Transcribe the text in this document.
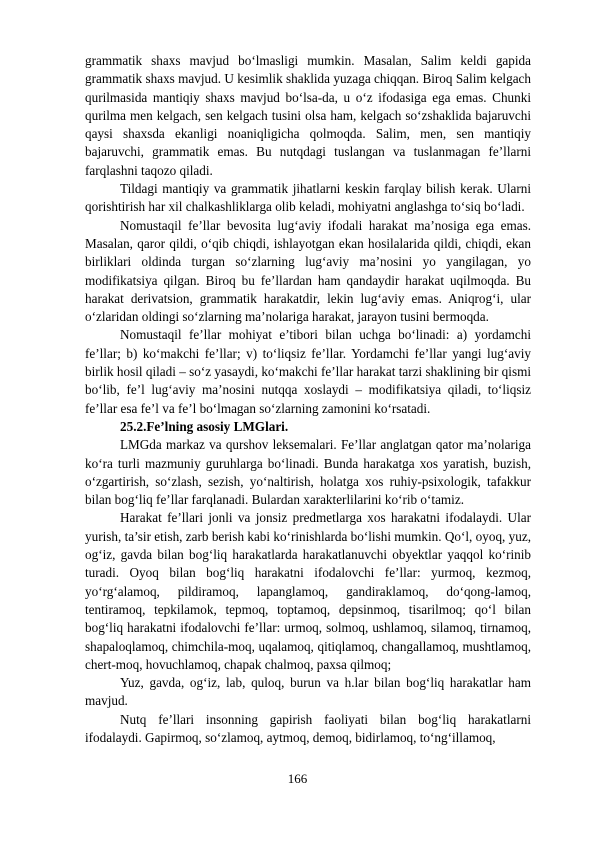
grammatik shaxs mavjud bo‘lmasligi mumkin. Masalan, Salim keldi gapida grammatik shaxs mavjud. U kesimlik shaklida yuzaga chiqqan. Biroq Salim kelgach qurilmasida mantiqiy shaxs mavjud bo‘lsa-da, u o‘z ifodasiga ega emas. Chunki qurilma men kelgach, sen kelgach tusini olsa ham, kelgach so‘zshaklida bajaruvchi qaysi shaxsda ekanligi noaniqligicha qolmoqda. Salim, men, sen mantiqiy bajaruvchi, grammatik emas. Bu nutqdagi tuslangan va tuslanmagan fe’llarni farqlashni taqozo qiladi.

Tildagi mantiqiy va grammatik jihatlarni keskin farqlay bilish kerak. Ularni qorishtirish har xil chalkashliklarga olib keladi, mohiyatni anglashga to‘siq bo‘ladi.

Nomustaqil fe’llar bevosita lug‘aviy ifodali harakat ma’nosiga ega emas. Masalan, qaror qildi, o‘qib chiqdi, ishlayotgan ekan hosilalarida qildi, chiqdi, ekan birliklari oldinda turgan so‘zlarning lug‘aviy ma’nosini yo yangilagan, yo modifikatsiya qilgan. Biroq bu fe’llardan ham qandaydir harakat uqilmoqda. Bu harakat derivatsion, grammatik harakatdir, lekin lug‘aviy emas. Aniqrog‘i, ular o‘zlaridan oldingi so‘zlarning ma’nolariga harakat, jarayon tusini bermoqda.

Nomustaqil fe’llar mohiyat e’tibori bilan uchga bo‘linadi: a) yordamchi fe’llar; b) ko‘makchi fe’llar; v) to‘liqsiz fe’llar. Yordamchi fe’llar yangi lug‘aviy birlik hosil qiladi – so‘z yasaydi, ko‘makchi fe’llar harakat tarzi shaklining bir qismi bo‘lib, fe’l lug‘aviy ma’nosini nutqqa xoslaydi – modifikatsiya qiladi, to‘liqsiz fe’llar esa fe’l va fe’l bo‘lmagan so‘zlarning zamonini ko‘rsatadi.

25.2.Fe’lning asosiy LMGlari.

LMGda markaz va qurshov leksemalari. Fe’llar anglatgan qator ma’nolariga ko‘ra turli mazmuniy guruhlarga bo‘linadi. Bunda harakatga xos yaratish, buzish, o‘zgartirish, so‘zlash, sezish, yo‘naltirish, holatga xos ruhiy-psixologik, tafakkur bilan bog‘liq fe’llar farqlanadi. Bulardan xarakterlilarini ko‘rib o‘tamiz.

Harakat fe’llari jonli va jonsiz predmetlarga xos harakatni ifodalaydi. Ular yurish, ta’sir etish, zarb berish kabi ko‘rinishlarda bo‘lishi mumkin. Qo‘l, oyoq, yuz, og‘iz, gavda bilan bog‘liq harakatlarda harakatlanuvchi obyektlar yaqqol ko‘rinib turadi. Oyoq bilan bog‘liq harakatni ifodalovchi fe’llar: yurmoq, kezmoq, yo‘rg‘alamoq, pildiramoq, lapanglamoq, gandiraklamoq, do‘qong-lamoq, tentiramoq, tepkilamok, tepmoq, toptamoq, depsinmoq, tisarilmoq; qo‘l bilan bog‘liq harakatni ifodalovchi fe’llar: urmoq, solmoq, ushlamoq, silamoq, tirnamoq, shapaloqlamoq, chimchila-moq, uqalamoq, qitiqlamoq, changallamoq, mushtlamoq, chert-moq, hovuchlamoq, chapak chalmoq, paxsa qilmoq;

Yuz, gavda, og‘iz, lab, quloq, burun va h.lar bilan bog‘liq harakatlar ham mavjud.

Nutq fe’llari insonning gapirish faoliyati bilan bog‘liq harakatlarni ifodalaydi. Gapirmoq, so‘zlamoq, aytmoq, demoq, bidirlamoq, to‘ng‘illamoq,

166
